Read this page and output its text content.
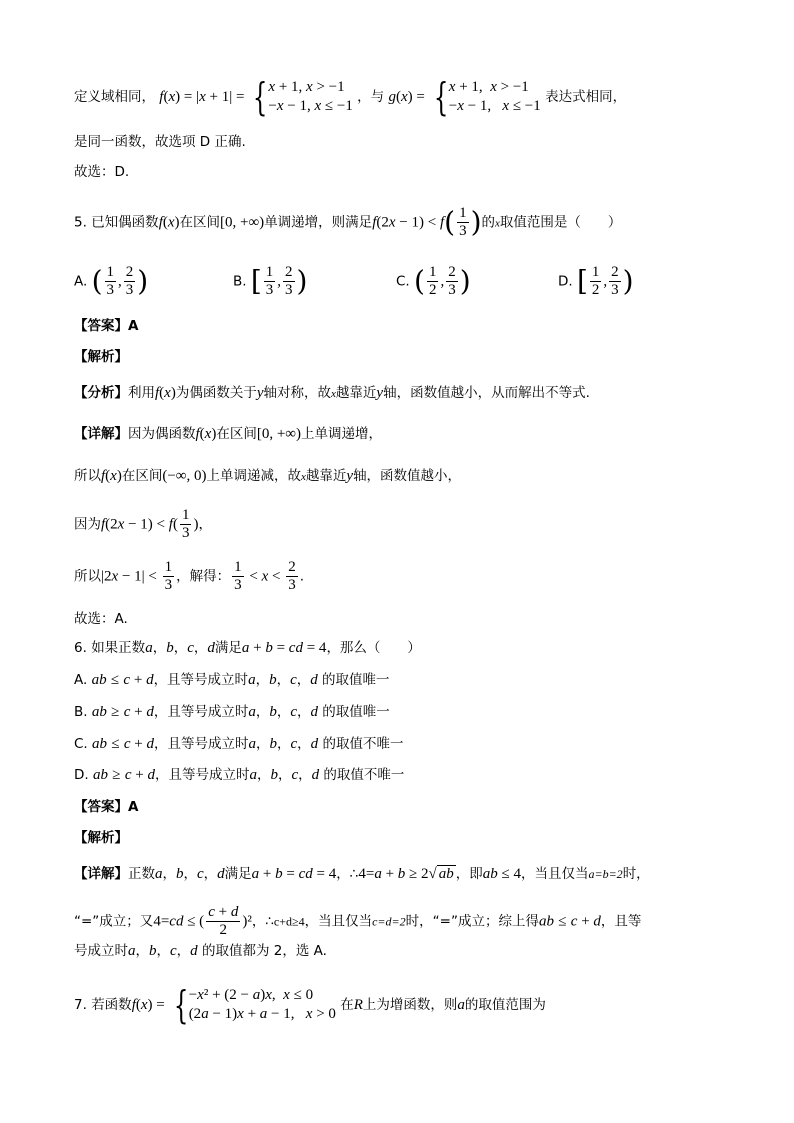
定义域相同， f(x) = |x + 1| = { x + 1, x > −1
−x − 1, x ≤ −1
，与 g(x) = { x + 1,  x > −1
−x − 1,   x ≤ −1
表达式相同，
是同一函数，故选项 D 正确.
故选：D.
5. 已知偶函数f(x)在区间[0, +∞)单调递增，则满足$f(2x - 1) < f( \frac{1}{3}$ )的x取值范围是（　　）
A. ( $\frac{1}{3}$ , $\frac{2}{3}$ )	B. [ $\frac{1}{3}$ , $\frac{2}{3}$ )	C. ( $\frac{1}{2}$ , $\frac{2}{3}$ )	D. [ $\frac{1}{2}$ , $\frac{2}{3}$ )
【答案】A
【解析】
【分析】利用f(x)为偶函数关于y轴对称，故x越靠近y轴，函数值越小，从而解出不等式.
【详解】因为偶函数f(x)在区间[0, +∞)上单调递增，
所以f(x)在区间(−∞, 0)上单调递减，故x越靠近y轴，函数值越小，
因为$f(2x - 1) < f( \frac{1}{3}$ )，
所以$|2x - 1| < \frac{1}{3}$ ，解得： $\frac{1}{3} < x < \frac{2}{3}$ .
故选：A.
6. 如果正数a，b，c，d满足a + b = cd = 4，那么（　　）
A. ab ≤ c + d，且等号成立时a，b，c，d 的取值唯一
B. ab ≥ c + d，且等号成立时a，b，c，d 的取值唯一
C. ab ≤ c + d，且等号成立时a，b，c，d 的取值不唯一
D. ab ≥ c + d，且等号成立时a，b，c，d 的取值不唯一
【答案】A
【解析】
【详解】正数a，b，c，d满足a + b = cd = 4，∴4=a + b ≥ 2√ ab ，即ab ≤ 4，当且仅当a=b=2时，
“=”成立；又4=cd ≤ ( $\frac{c + d}{2} )^2$，∴c+d≥4，当且仅当c=d=2时，“=”成立；综上得ab ≤ c + d，且等
号成立时a，b，c，d 的取值都为 2，选 A.
7. 若函数f(x) = { −x² + (2 − a)x,  x ≤ 0
(2a − 1)x + a − 1,   x > 0
在R上为增函数，则a的取值范围为
